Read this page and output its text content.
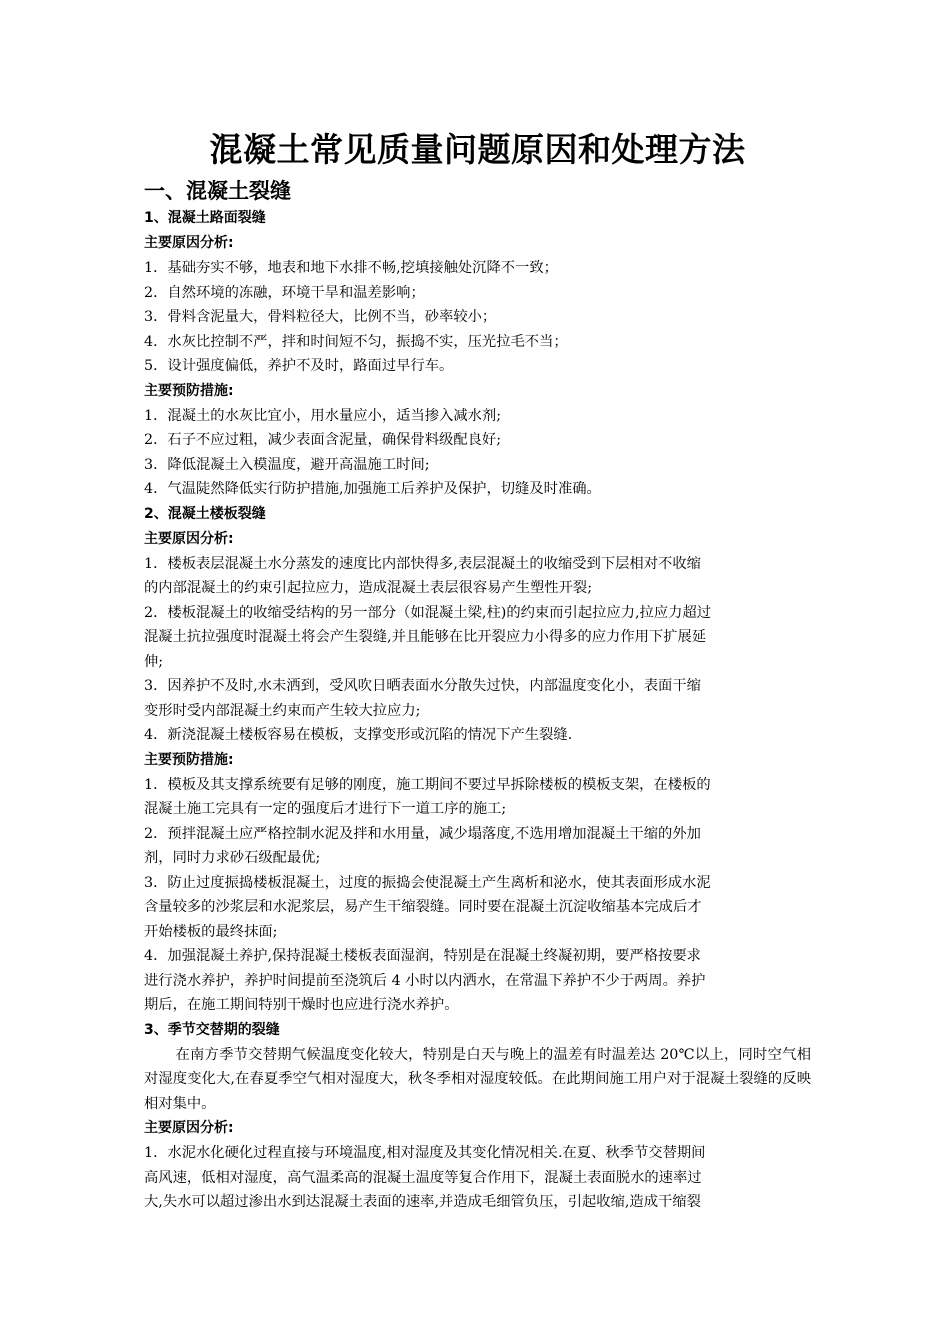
混凝土常见质量问题原因和处理方法
一、混凝土裂缝
1、混凝土路面裂缝
主要原因分析:

1．基础夯实不够，地表和地下水排不畅,挖填接触处沉降不一致；

2．自然环境的冻融，环境干旱和温差影响；

3．骨料含泥量大，骨料粒径大，比例不当，砂率较小；

4．水灰比控制不严，拌和时间短不匀，振捣不实，压光拉毛不当；

5．设计强度偏低，养护不及时，路面过早行车。

主要预防措施:

1．混凝土的水灰比宜小，用水量应小，适当掺入减水剂;

2．石子不应过粗，减少表面含泥量，确保骨料级配良好;

3．降低混凝土入模温度，避开高温施工时间;

4．气温陡然降低实行防护措施,加强施工后养护及保护，切缝及时准确。

2、混凝土楼板裂缝
主要原因分析:

1．楼板表层混凝土水分蒸发的速度比内部快得多,表层混凝土的收缩受到下层相对不收缩

的内部混凝土的约束引起拉应力，造成混凝土表层很容易产生塑性开裂;

2．楼板混凝土的收缩受结构的另一部分（如混凝土梁,柱)的约束而引起拉应力,拉应力超过

混凝土抗拉强度时混凝土将会产生裂缝,并且能够在比开裂应力小得多的应力作用下扩展延

伸;

3．因养护不及时,水未洒到，受风吹日晒表面水分散失过快，内部温度变化小，表面干缩

变形时受内部混凝土约束而产生较大拉应力;

4．新浇混凝土楼板容易在模板，支撑变形或沉陷的情况下产生裂缝.

主要预防措施:

1．模板及其支撑系统要有足够的刚度，施工期间不要过早拆除楼板的模板支架，在楼板的

混凝土施工完具有一定的强度后才进行下一道工序的施工;

2．预拌混凝土应严格控制水泥及拌和水用量，减少塌落度,不选用增加混凝土干缩的外加

剂，同时力求砂石级配最优;

3．防止过度振捣楼板混凝土，过度的振捣会使混凝土产生离析和泌水，使其表面形成水泥

含量较多的沙浆层和水泥浆层，易产生干缩裂缝。同时要在混凝土沉淀收缩基本完成后才

开始楼板的最终抹面;

4．加强混凝土养护,保持混凝土楼板表面湿润，特别是在混凝土终凝初期，要严格按要求

进行浇水养护，养护时间提前至浇筑后 4 小时以内洒水，在常温下养护不少于两周。养护

期后，在施工期间特别干燥时也应进行浇水养护。

3、季节交替期的裂缝

在南方季节交替期气候温度变化较大，特别是白天与晚上的温差有时温差达 20℃以上，同时空气相对湿度变化大,在春夏季空气相对湿度大，秋冬季相对湿度较低。在此期间施工用户对于混凝土裂缝的反映相对集中。

主要原因分析:

1．水泥水化硬化过程直接与环境温度,相对湿度及其变化情况相关.在夏、秋季节交替期间

高风速，低相对湿度，高气温柔高的混凝土温度等复合作用下，混凝土表面脱水的速率过

大,失水可以超过渗出水到达混凝土表面的速率,并造成毛细管负压，引起收缩,造成干缩裂
